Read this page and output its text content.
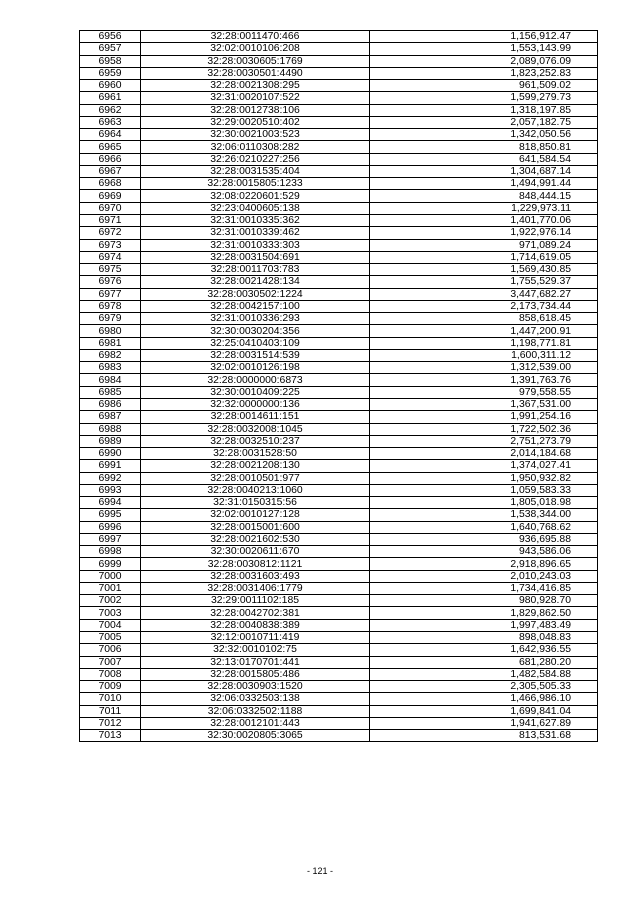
6956	32:28:0011470:466	1,156,912.47
6957	32:02:0010106:208	1,553,143.99
6958	32:28:0030605:1769	2,089,076.09
6959	32:28:0030501:4490	1,823,252.83
6960	32:28:0021308:295	961,509.02
6961	32:31:0020107:522	1,599,279.73
6962	32:28:0012738:106	1,318,197.85
6963	32:29:0020510:402	2,057,182.75
6964	32:30:0021003:523	1,342,050.56
6965	32:06:0110308:282	818,850.81
6966	32:26:0210227:256	641,584.54
6967	32:28:0031535:404	1,304,687.14
6968	32:28:0015805:1233	1,494,991.44
6969	32:08:0220601:529	848,444.15
6970	32:23:0400605:138	1,229,973.11
6971	32:31:0010335:362	1,401,770.06
6972	32:31:0010339:462	1,922,976.14
6973	32:31:0010333:303	971,089.24
6974	32:28:0031504:691	1,714,619.05
6975	32:28:0011703:783	1,569,430.85
6976	32:28:0021428:134	1,755,529.37
6977	32:28:0030502:1224	3,447,682.27
6978	32:28:0042157:100	2,173,734.44
6979	32:31:0010336:293	858,618.45
6980	32:30:0030204:356	1,447,200.91
6981	32:25:0410403:109	1,198,771.81
6982	32:28:0031514:539	1,600,311.12
6983	32:02:0010126:198	1,312,539.00
6984	32:28:0000000:6873	1,391,763.76
6985	32:30:0010409:225	979,558.55
6986	32:32:0000000:136	1,367,531.00
6987	32:28:0014611:151	1,991,254.16
6988	32:28:0032008:1045	1,722,502.36
6989	32:28:0032510:237	2,751,273.79
6990	32:28:0031528:50	2,014,184.68
6991	32:28:0021208:130	1,374,027.41
6992	32:28:0010501:977	1,950,932.82
6993	32:28:0040213:1060	1,059,583.33
6994	32:31:0150315:56	1,805,018.98
6995	32:02:0010127:128	1,538,344.00
6996	32:28:0015001:600	1,640,768.62
6997	32:28:0021602:530	936,695.88
6998	32:30:0020611:670	943,586.06
6999	32:28:0030812:1121	2,918,896.65
7000	32:28:0031603:493	2,010,243.03
7001	32:28:0031406:1779	1,734,416.85
7002	32:29:0011102:185	980,928.70
7003	32:28:0042702:381	1,829,862.50
7004	32:28:0040838:389	1,997,483.49
7005	32:12:0010711:419	898,048.83
7006	32:32:0010102:75	1,642,936.55
7007	32:13:0170701:441	681,280.20
7008	32:28:0015805:486	1,482,584.88
7009	32:28:0030903:1520	2,305,505.33
7010	32:06:0332503:138	1,466,986.10
7011	32:06:0332502:1188	1,699,841.04
7012	32:28:0012101:443	1,941,627.89
7013	32:30:0020805:3065	813,531.68
- 121 -
